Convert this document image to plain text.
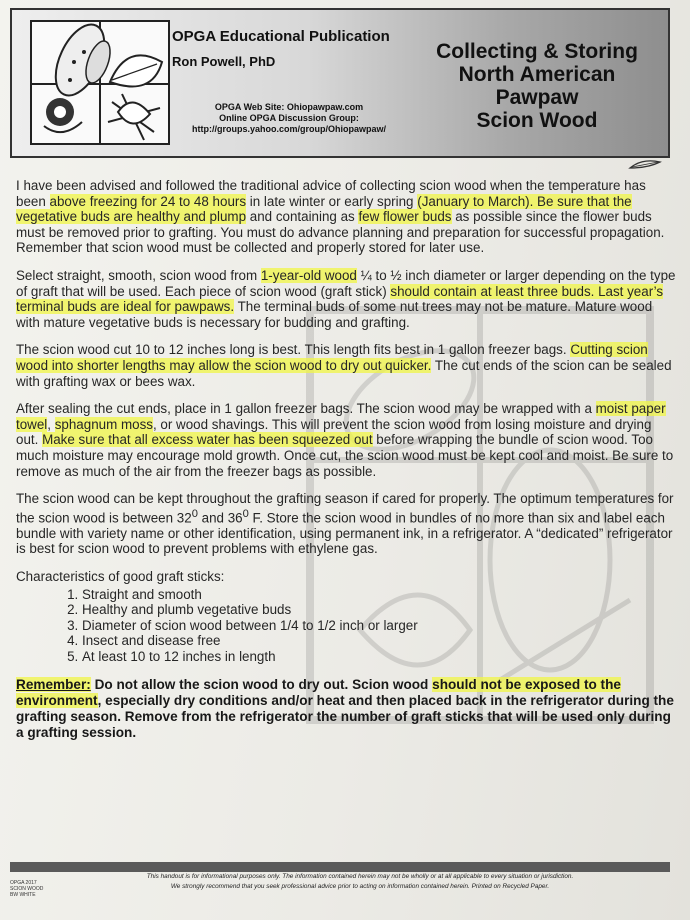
OPGA Educational Publication
Ron Powell, PhD
OPGA Web Site: Ohiopawpaw.com
Online OPGA Discussion Group:
http://groups.yahoo.com/group/Ohiopawpaw/
Collecting & Storing
North American
Pawpaw
Scion Wood

I have been advised and followed the traditional advice of collecting scion wood when the temperature has been above freezing for 24 to 48 hours in late winter or early spring (January to March). Be sure that the vegetative buds are healthy and plump and containing as few flower buds as possible since the flower buds must be removed prior to grafting. You must do advance planning and preparation for successful propagation. Remember that scion wood must be collected and properly stored for later use.

Select straight, smooth, scion wood from 1-year-old wood ¼ to ½ inch diameter or larger depending on the type of graft that will be used. Each piece of scion wood (graft stick) should contain at least three buds. Last year’s terminal buds are ideal for pawpaws. The terminal buds of some nut trees may not be mature. Mature wood with mature vegetative buds is necessary for budding and grafting.

The scion wood cut 10 to 12 inches long is best. This length fits best in 1 gallon freezer bags. Cutting scion wood into shorter lengths may allow the scion wood to dry out quicker. The cut ends of the scion can be sealed with grafting wax or bees wax.

After sealing the cut ends, place in 1 gallon freezer bags. The scion wood may be wrapped with a moist paper towel, sphagnum moss, or wood shavings. This will prevent the scion wood from losing moisture and drying out. Make sure that all excess water has been squeezed out before wrapping the bundle of scion wood. Too much moisture may encourage mold growth. Once cut, the scion wood must be kept cool and moist. Be sure to remove as much of the air from the freezer bags as possible.

The scion wood can be kept throughout the grafting season if cared for properly. The optimum temperatures for the scion wood is between $32^0$ and $36^0$ F. Store the scion wood in bundles of no more than six and label each bundle with variety name or other identification, using permanent ink, in a refrigerator. A “dedicated” refrigerator is best for scion wood to prevent problems with ethylene gas.

Characteristics of good graft sticks:
1. Straight and smooth
2. Healthy and plumb vegetative buds
3. Diameter of scion wood between 1/4 to 1/2 inch or larger
4. Insect and disease free
5. At least 10 to 12 inches in length
Remember: Do not allow the scion wood to dry out. Scion wood should not be exposed to the environment, especially dry conditions and/or heat and then placed back in the refrigerator during the grafting season. Remove from the refrigerator the number of graft sticks that will be used only during a grafting session.
OPGA 2017
SCION WOOD
BW WHITE
This handout is for informational purposes only. The information contained herein may not be wholly or at all applicable to every situation or jurisdiction.
We strongly recommend that you seek professional advice prior to acting on information contained herein. Printed on Recycled Paper.
